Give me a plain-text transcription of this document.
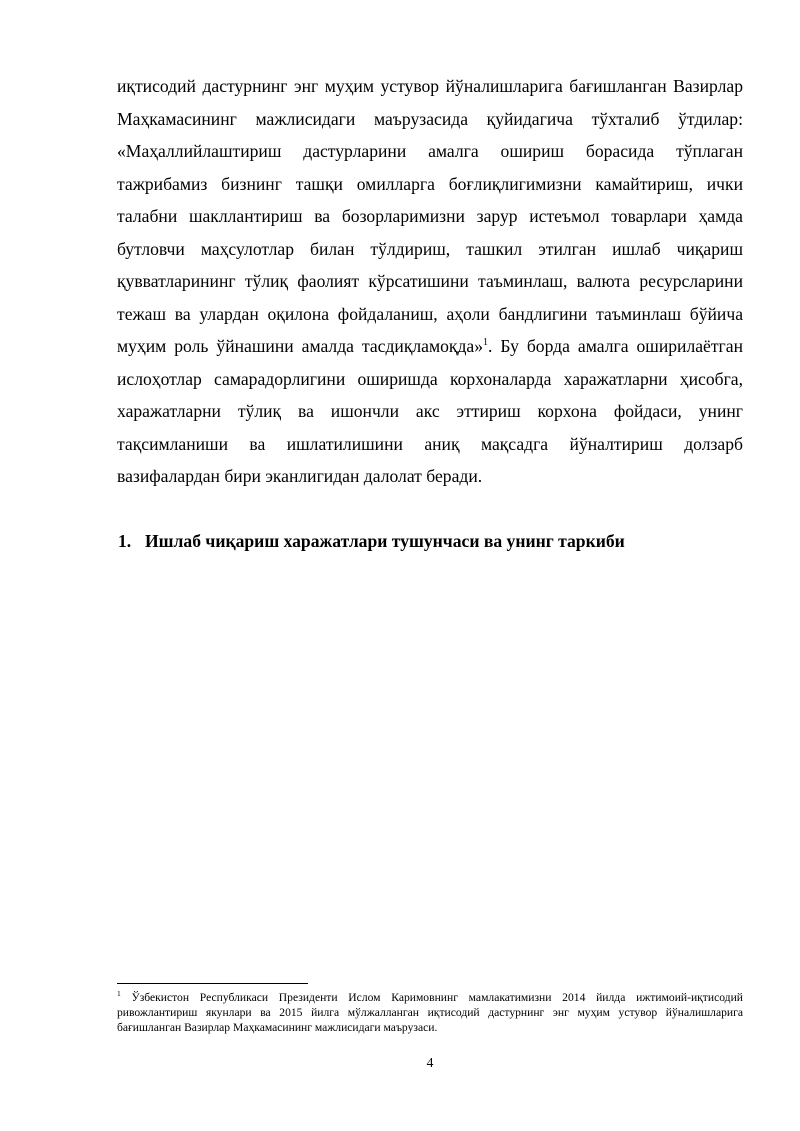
иқтисодий дастурнинг энг муҳим устувор йўналишларига бағишланган Вазирлар Маҳкамасининг мажлисидаги маърузасида қуйидагича тўхталиб ўтдилар: «Маҳаллийлаштириш дастурларини амалга ошириш борасида тўплаган тажрибамиз бизнинг ташқи омилларга боғлиқлигимизни камайтириш, ички талабни шакллантириш ва бозорларимизни зарур истеъмол товарлари ҳамда бутловчи маҳсулотлар билан тўлдириш, ташкил этилган ишлаб чиқариш қувватларининг тўлиқ фаолият кўрсатишини таъминлаш, валюта ресурсларини тежаш ва улардан оқилона фойдаланиш, аҳоли бандлигини таъминлаш бўйича муҳим роль ўйнашини амалда тасдиқламоқда»$^1$. Бу борда амалга оширилаётган ислоҳотлар самарадорлигини оширишда корхоналарда харажатларни ҳисобга, харажатларни тўлиқ ва ишончли акс эттириш корхона фойдаси, унинг тақсимланиши ва ишлатилишини аниқ мақсадга йўналтириш долзарб вазифалардан бири эканлигидан далолат беради.

1. Ишлаб чиқариш харажатлари тушунчаси ва унинг таркиби

$^1$ Ўзбекистон Республикаси Президенти Ислом Каримовнинг мамлакатимизни 2014 йилда ижтимоий-иқтисодий ривожлантириш якунлари ва 2015 йилга мўлжалланган иқтисодий дастурнинг энг муҳим устувор йўналишларига бағишланган Вазирлар Маҳкамасининг мажлисидаги маърузаси.

4
